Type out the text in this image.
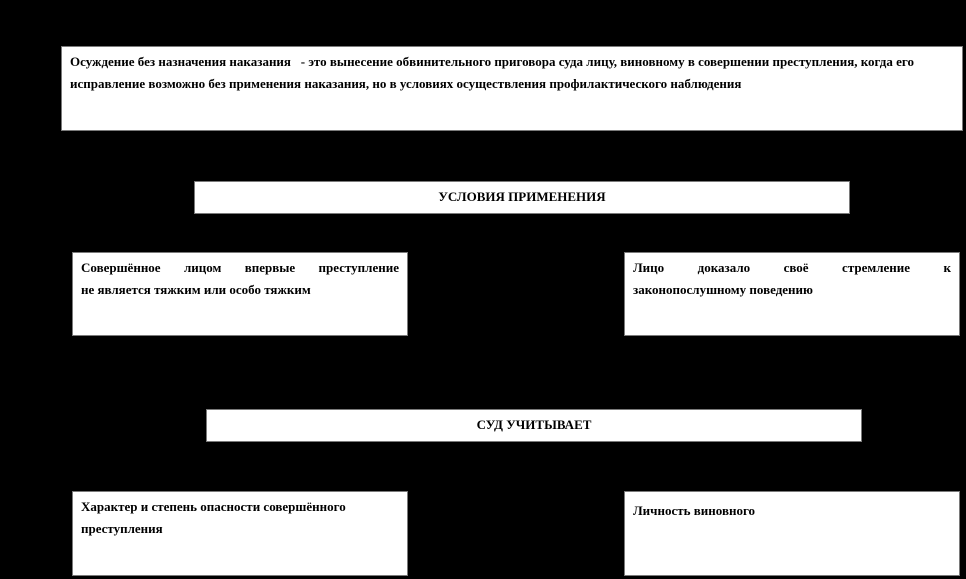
Осуждение без назначения наказания   - это вынесение обвинительного приговора суда лицу, виновному в совершении преступления, когда его исправление возможно без применения наказания, но в условиях осуществления профилактического наблюдения
УСЛОВИЯ ПРИМЕНЕНИЯ
Совершённое лицом впервые преступление
не является тяжким или особо тяжким
Лицо доказало своё стремление к
законопослушному поведению
СУД УЧИТЫВАЕТ
Характер и степень опасности совершённого преступления
Личность виновного
